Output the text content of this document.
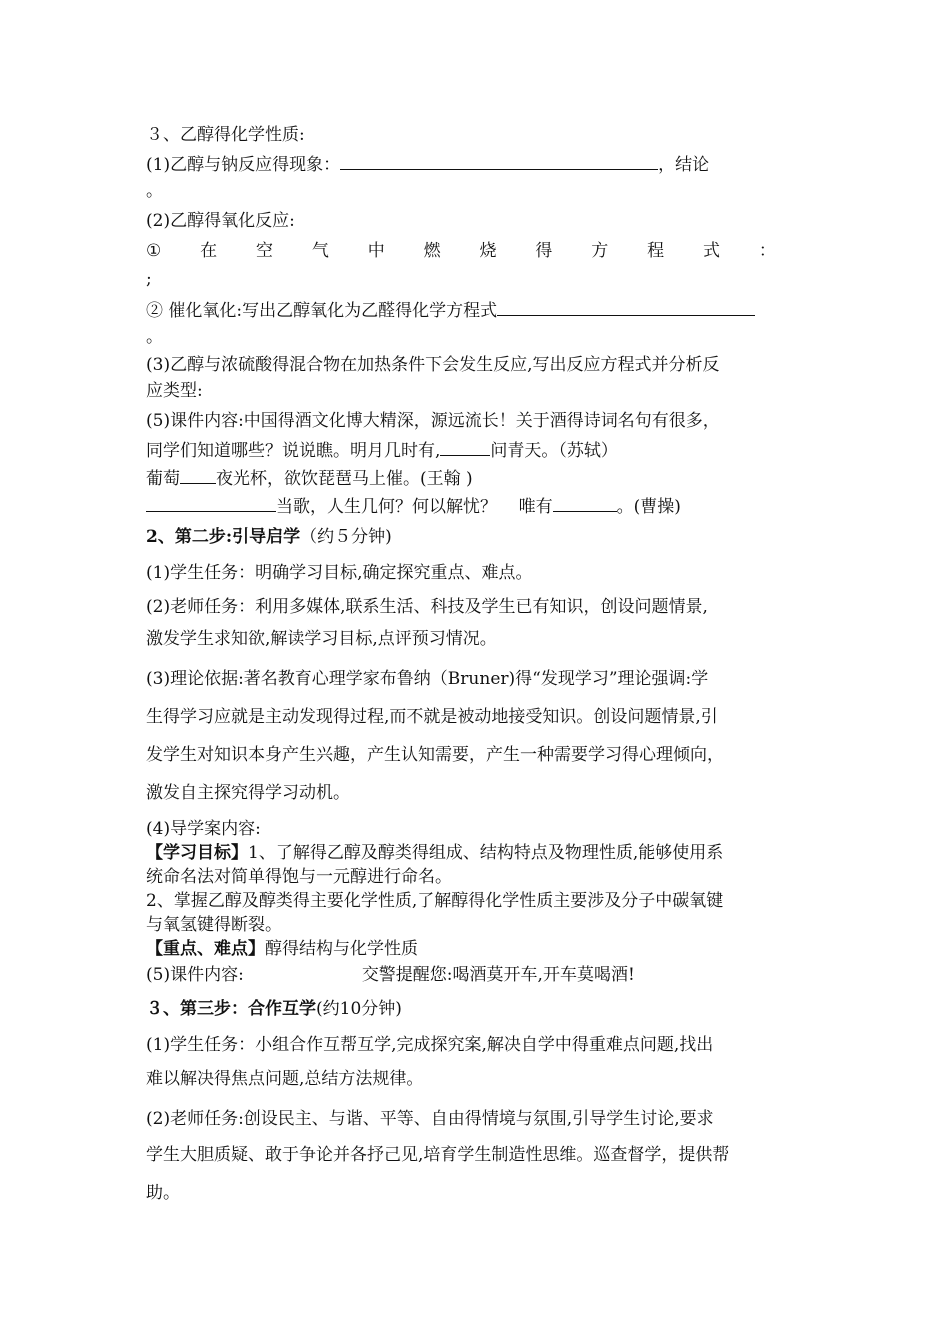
３、乙醇得化学性质:
(1)乙醇与钠反应得现象：	，结论
。
(2)乙醇得氧化反应:
① 在 空 气 中 燃 烧 得 方 程 式 ：
;
② 催化氧化:写出乙醇氧化为乙醛得化学方程式
。
(3)乙醇与浓硫酸得混合物在加热条件下会发生反应,写出反应方程式并分析反
应类型:
(5)课件内容:中国得酒文化博大精深，源远流长！关于酒得诗词名句有很多，
同学们知道哪些？说说瞧。明月几时有,	问青天。（苏轼）
葡萄 夜光杯，欲饮琵琶马上催。(王翰 )
当歌，人生几何？何以解忧？    唯有	。(曹操)
2、第二步:引导启学（约５分钟)
(1)学生任务：明确学习目标,确定探究重点、难点。
(2)老师任务：利用多媒体,联系生活、科技及学生已有知识，创设问题情景,
激发学生求知欲,解读学习目标,点评预习情况。
(3)理论依据:著名教育心理学家布鲁纳（Bruner)得“发现学习”理论强调:学
生得学习应就是主动发现得过程,而不就是被动地接受知识。创设问题情景,引
发学生对知识本身产生兴趣，产生认知需要，产生一种需要学习得心理倾向，
激发自主探究得学习动机。
(4)导学案内容:
【学习目标】1、了解得乙醇及醇类得组成、结构特点及物理性质,能够使用系
统命名法对简单得饱与一元醇进行命名。
2、掌握乙醇及醇类得主要化学性质,了解醇得化学性质主要涉及分子中碳氧键
与氧氢键得断裂。
【重点、难点】醇得结构与化学性质
(5)课件内容:	交警提醒您:喝酒莫开车,开车莫喝酒!
３、第三步：合作互学(约10分钟)
(1)学生任务：小组合作互帮互学,完成探究案,解决自学中得重难点问题,找出
难以解决得焦点问题,总结方法规律。
(2)老师任务:创设民主、与谐、平等、自由得情境与氛围,引导学生讨论,要求
学生大胆质疑、敢于争论并各抒己见,培育学生制造性思维。巡查督学，提供帮
助。
